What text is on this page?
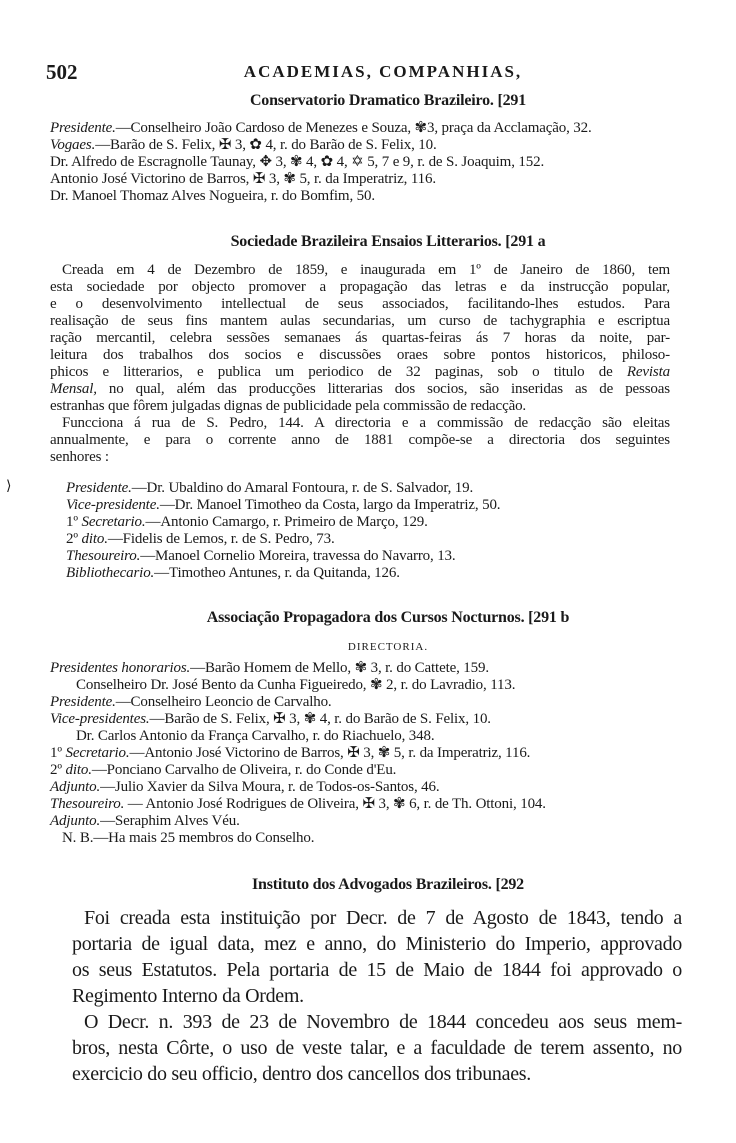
502	ACADEMIAS, COMPANHIAS,
⟩
Conservatorio Dramatico Brazileiro. [291
Presidente.—Conselheiro João Cardoso de Menezes e Souza, ✾3, praça da Acclamação, 32.
Vogaes.—Barão de S. Felix, ✠ 3, ✿ 4, r. do Barão de S. Felix, 10.
Dr. Alfredo de Escragnolle Taunay, ✥ 3, ✾ 4, ✿ 4, ✡ 5, 7 e 9, r. de S. Joaquim, 152.
Antonio José Victorino de Barros, ✠ 3, ✾ 5, r. da Imperatriz, 116.
Dr. Manoel Thomaz Alves Nogueira, r. do Bomfim, 50.
Sociedade Brazileira Ensaios Litterarios. [291 a
Creada em 4 de Dezembro de 1859, e inaugurada em 1º de Janeiro de 1860, tem
esta sociedade por objecto promover a propagação das letras e da instrucção popular,
e o desenvolvimento intellectual de seus associados, facilitando-lhes estudos. Para
realisação de seus fins mantem aulas secundarias, um curso de tachygraphia e escriptua
ração mercantil, celebra sessões semanaes ás quartas-feiras ás 7 horas da noite, par-
leitura dos trabalhos dos socios e discussões oraes sobre pontos historicos, philoso-
phicos e litterarios, e publica um periodico de 32 paginas, sob o titulo de Revista
Mensal, no qual, além das producções litterarias dos socios, são inseridas as de pessoas
estranhas que fôrem julgadas dignas de publicidade pela commissão de redacção.
Funcciona á rua de S. Pedro, 144. A directoria e a commissão de redacção são eleitas
annualmente, e para o corrente anno de 1881 compõe-se a directoria dos seguintes
senhores :
Presidente.—Dr. Ubaldino do Amaral Fontoura, r. de S. Salvador, 19.
Vice-presidente.—Dr. Manoel Timotheo da Costa, largo da Imperatriz, 50.
1º Secretario.—Antonio Camargo, r. Primeiro de Março, 129.
2º dito.—Fidelis de Lemos, r. de S. Pedro, 73.
Thesoureiro.—Manoel Cornelio Moreira, travessa do Navarro, 13.
Bibliothecario.—Timotheo Antunes, r. da Quitanda, 126.
Associação Propagadora dos Cursos Nocturnos. [291 b
DIRECTORIA.
Presidentes honorarios.—Barão Homem de Mello, ✾ 3, r. do Cattete, 159.
Conselheiro Dr. José Bento da Cunha Figueiredo, ✾ 2, r. do Lavradio, 113.
Presidente.—Conselheiro Leoncio de Carvalho.
Vice-presidentes.—Barão de S. Felix, ✠ 3, ✾ 4, r. do Barão de S. Felix, 10.
Dr. Carlos Antonio da França Carvalho, r. do Riachuelo, 348.
1º Secretario.—Antonio José Victorino de Barros, ✠ 3, ✾ 5, r. da Imperatriz, 116.
2º dito.—Ponciano Carvalho de Oliveira, r. do Conde d'Eu.
Adjunto.—Julio Xavier da Silva Moura, r. de Todos-os-Santos, 46.
Thesoureiro. — Antonio José Rodrigues de Oliveira, ✠ 3, ✾ 6, r. de Th. Ottoni, 104.
Adjunto.—Seraphim Alves Véu.
N. B.—Ha mais 25 membros do Conselho.
Instituto dos Advogados Brazileiros. [292
Foi creada esta instituição por Decr. de 7 de Agosto de 1843, tendo a
portaria de igual data, mez e anno, do Ministerio do Imperio, approvado
os seus Estatutos. Pela portaria de 15 de Maio de 1844 foi approvado o
Regimento Interno da Ordem.
O Decr. n. 393 de 23 de Novembro de 1844 concedeu aos seus mem-
bros, nesta Côrte, o uso de veste talar, e a faculdade de terem assento, no
exercicio do seu officio, dentro dos cancellos dos tribunaes.
